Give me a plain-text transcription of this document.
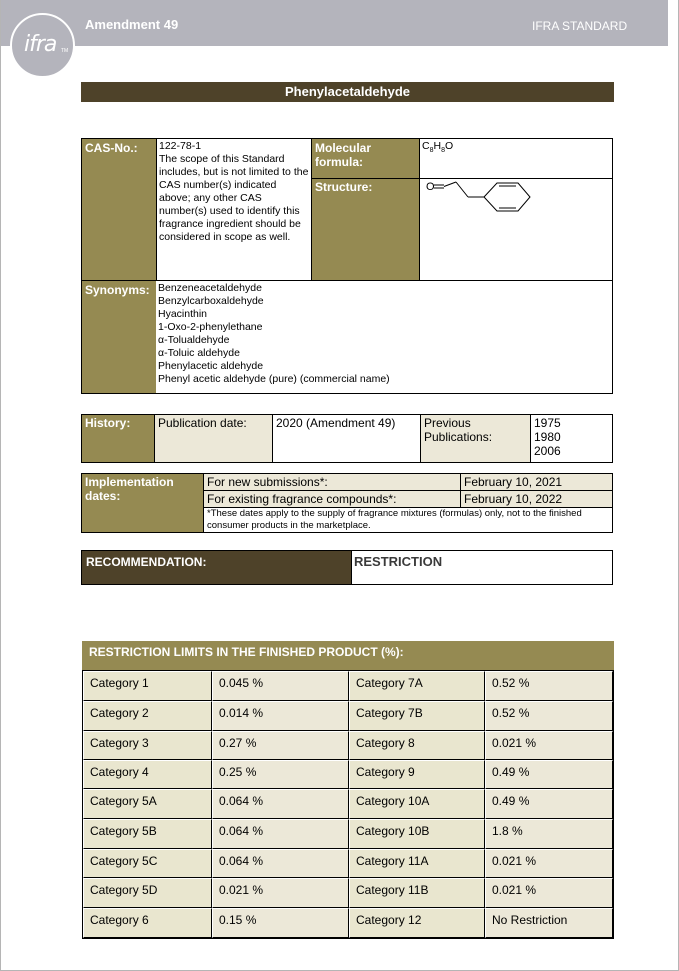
Amendment 49	IFRA STANDARD
ifra TM
Phenylacetaldehyde
CAS-No.:	122-78-1
The scope of this Standard includes, but is not limited to the CAS number(s) indicated above; any other CAS number(s) used to identify this fragrance ingredient should be considered in scope as well.
Molecular formula:
$C_8H_8O$
Structure:	O
Synonyms: Benzeneacetaldehyde
Benzylcarboxaldehyde
Hyacinthin
1-Oxo-2-phenylethane
α-Tolualdehyde
α-Toluic aldehyde
Phenylacetic aldehyde
Phenyl acetic aldehyde (pure) (commercial name)
History:	Publication date:	2020 (Amendment 49)	Previous Publications:
1975
1980
2006
Implementation dates:
For new submissions*:	February 10, 2021
For existing fragrance compounds*:	February 10, 2022
*These dates apply to the supply of fragrance mixtures (formulas) only, not to the finished consumer products in the marketplace.
RECOMMENDATION:	RESTRICTION
RESTRICTION LIMITS IN THE FINISHED PRODUCT (%):
Category 1	0.045 %	Category 7A	0.52 %
Category 2	0.014 %	Category 7B	0.52 %
Category 3	0.27 %	Category 8	0.021 %
Category 4	0.25 %	Category 9	0.49 %
Category 5A	0.064 %	Category 10A	0.49 %
Category 5B	0.064 %	Category 10B	1.8 %
Category 5C	0.064 %	Category 11A	0.021 %
Category 5D	0.021 %	Category 11B	0.021 %
Category 6	0.15 %	Category 12	No Restriction
